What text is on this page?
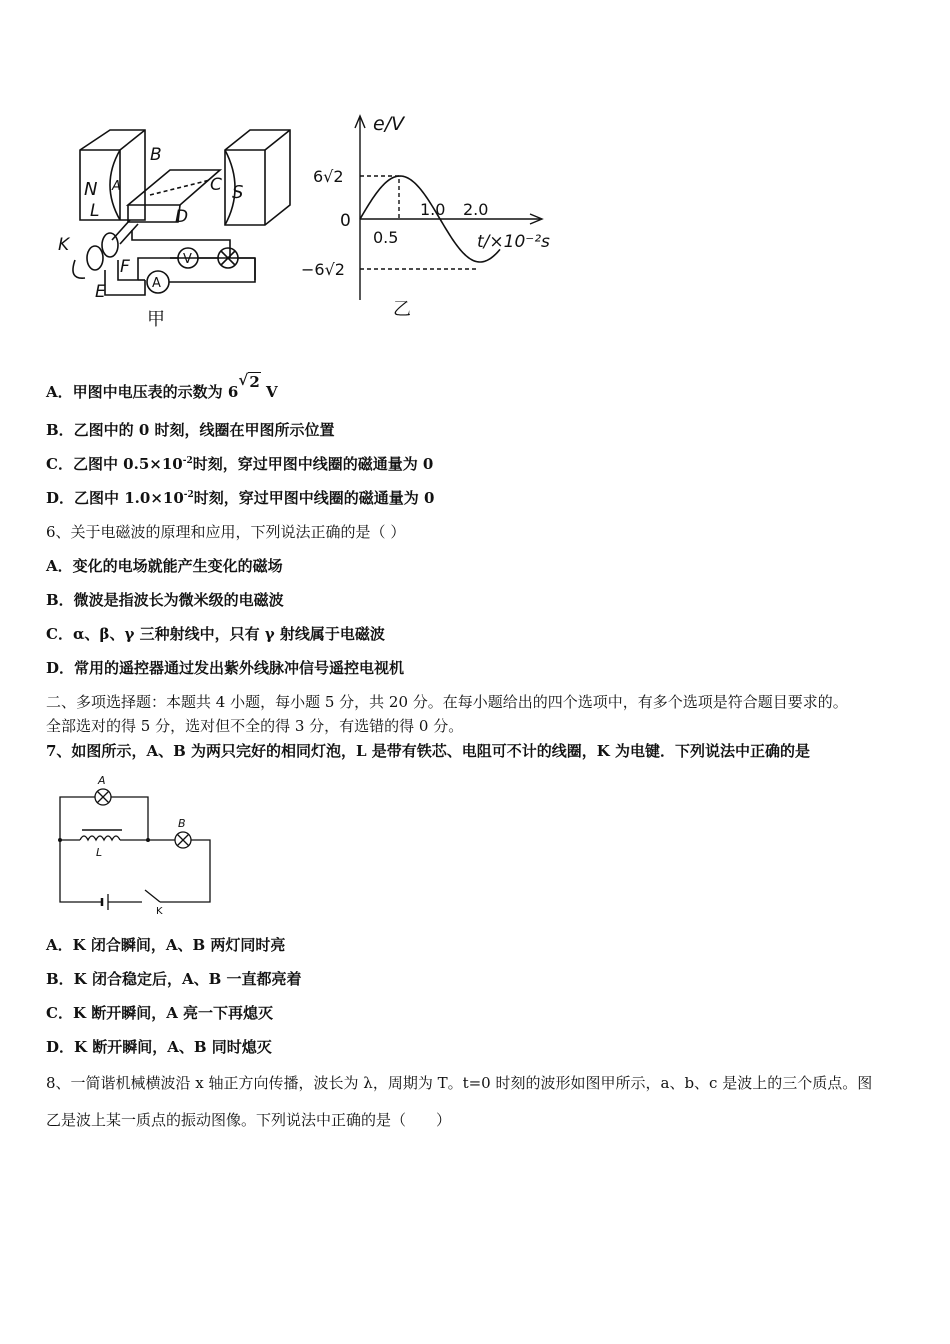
N	S
A
B
C
D
L
K
F
E	A
V
甲
e/V
t/×10⁻²s
0
6√2
−6√2
0.5
1.0 2.0
乙
A．甲图中电压表的示数为 6
√ 2 V
B．乙图中的 0 时刻，线圈在甲图所示位置
C．乙图中 $0.5\times 10^{-2}$时刻，穿过甲图中线圈的磁通量为 0
D．乙图中 $1.0\times 10^{-2}$时刻，穿过甲图中线圈的磁通量为 0
6、关于电磁波的原理和应用，下列说法正确的是（ ）
A．变化的电场就能产生变化的磁场
B．微波是指波长为微米级的电磁波
C．α、β、γ 三种射线中，只有 γ 射线属于电磁波
D．常用的遥控器通过发出紫外线脉冲信号遥控电视机
二、多项选择题：本题共 4 小题，每小题 5 分，共 20 分。在每小题给出的四个选项中，有多个选项是符合题目要求的。
全部选对的得 5 分，选对但不全的得 3 分，有选错的得 0 分。
7、如图所示，A、B 为两只完好的相同灯泡，L 是带有铁芯、电阻可不计的线圈，K 为电键．下列说法中正确的是
A
B
L
K
A．K 闭合瞬间，A、B 两灯同时亮
B．K 闭合稳定后，A、B 一直都亮着
C．K 断开瞬间，A 亮一下再熄灭
D．K 断开瞬间，A、B 同时熄灭
8、一简谐机械横波沿 x 轴正方向传播，波长为 λ，周期为 T。t=0 时刻的波形如图甲所示，a、b、c 是波上的三个质点。图
乙是波上某一质点的振动图像。下列说法中正确的是（　　）
